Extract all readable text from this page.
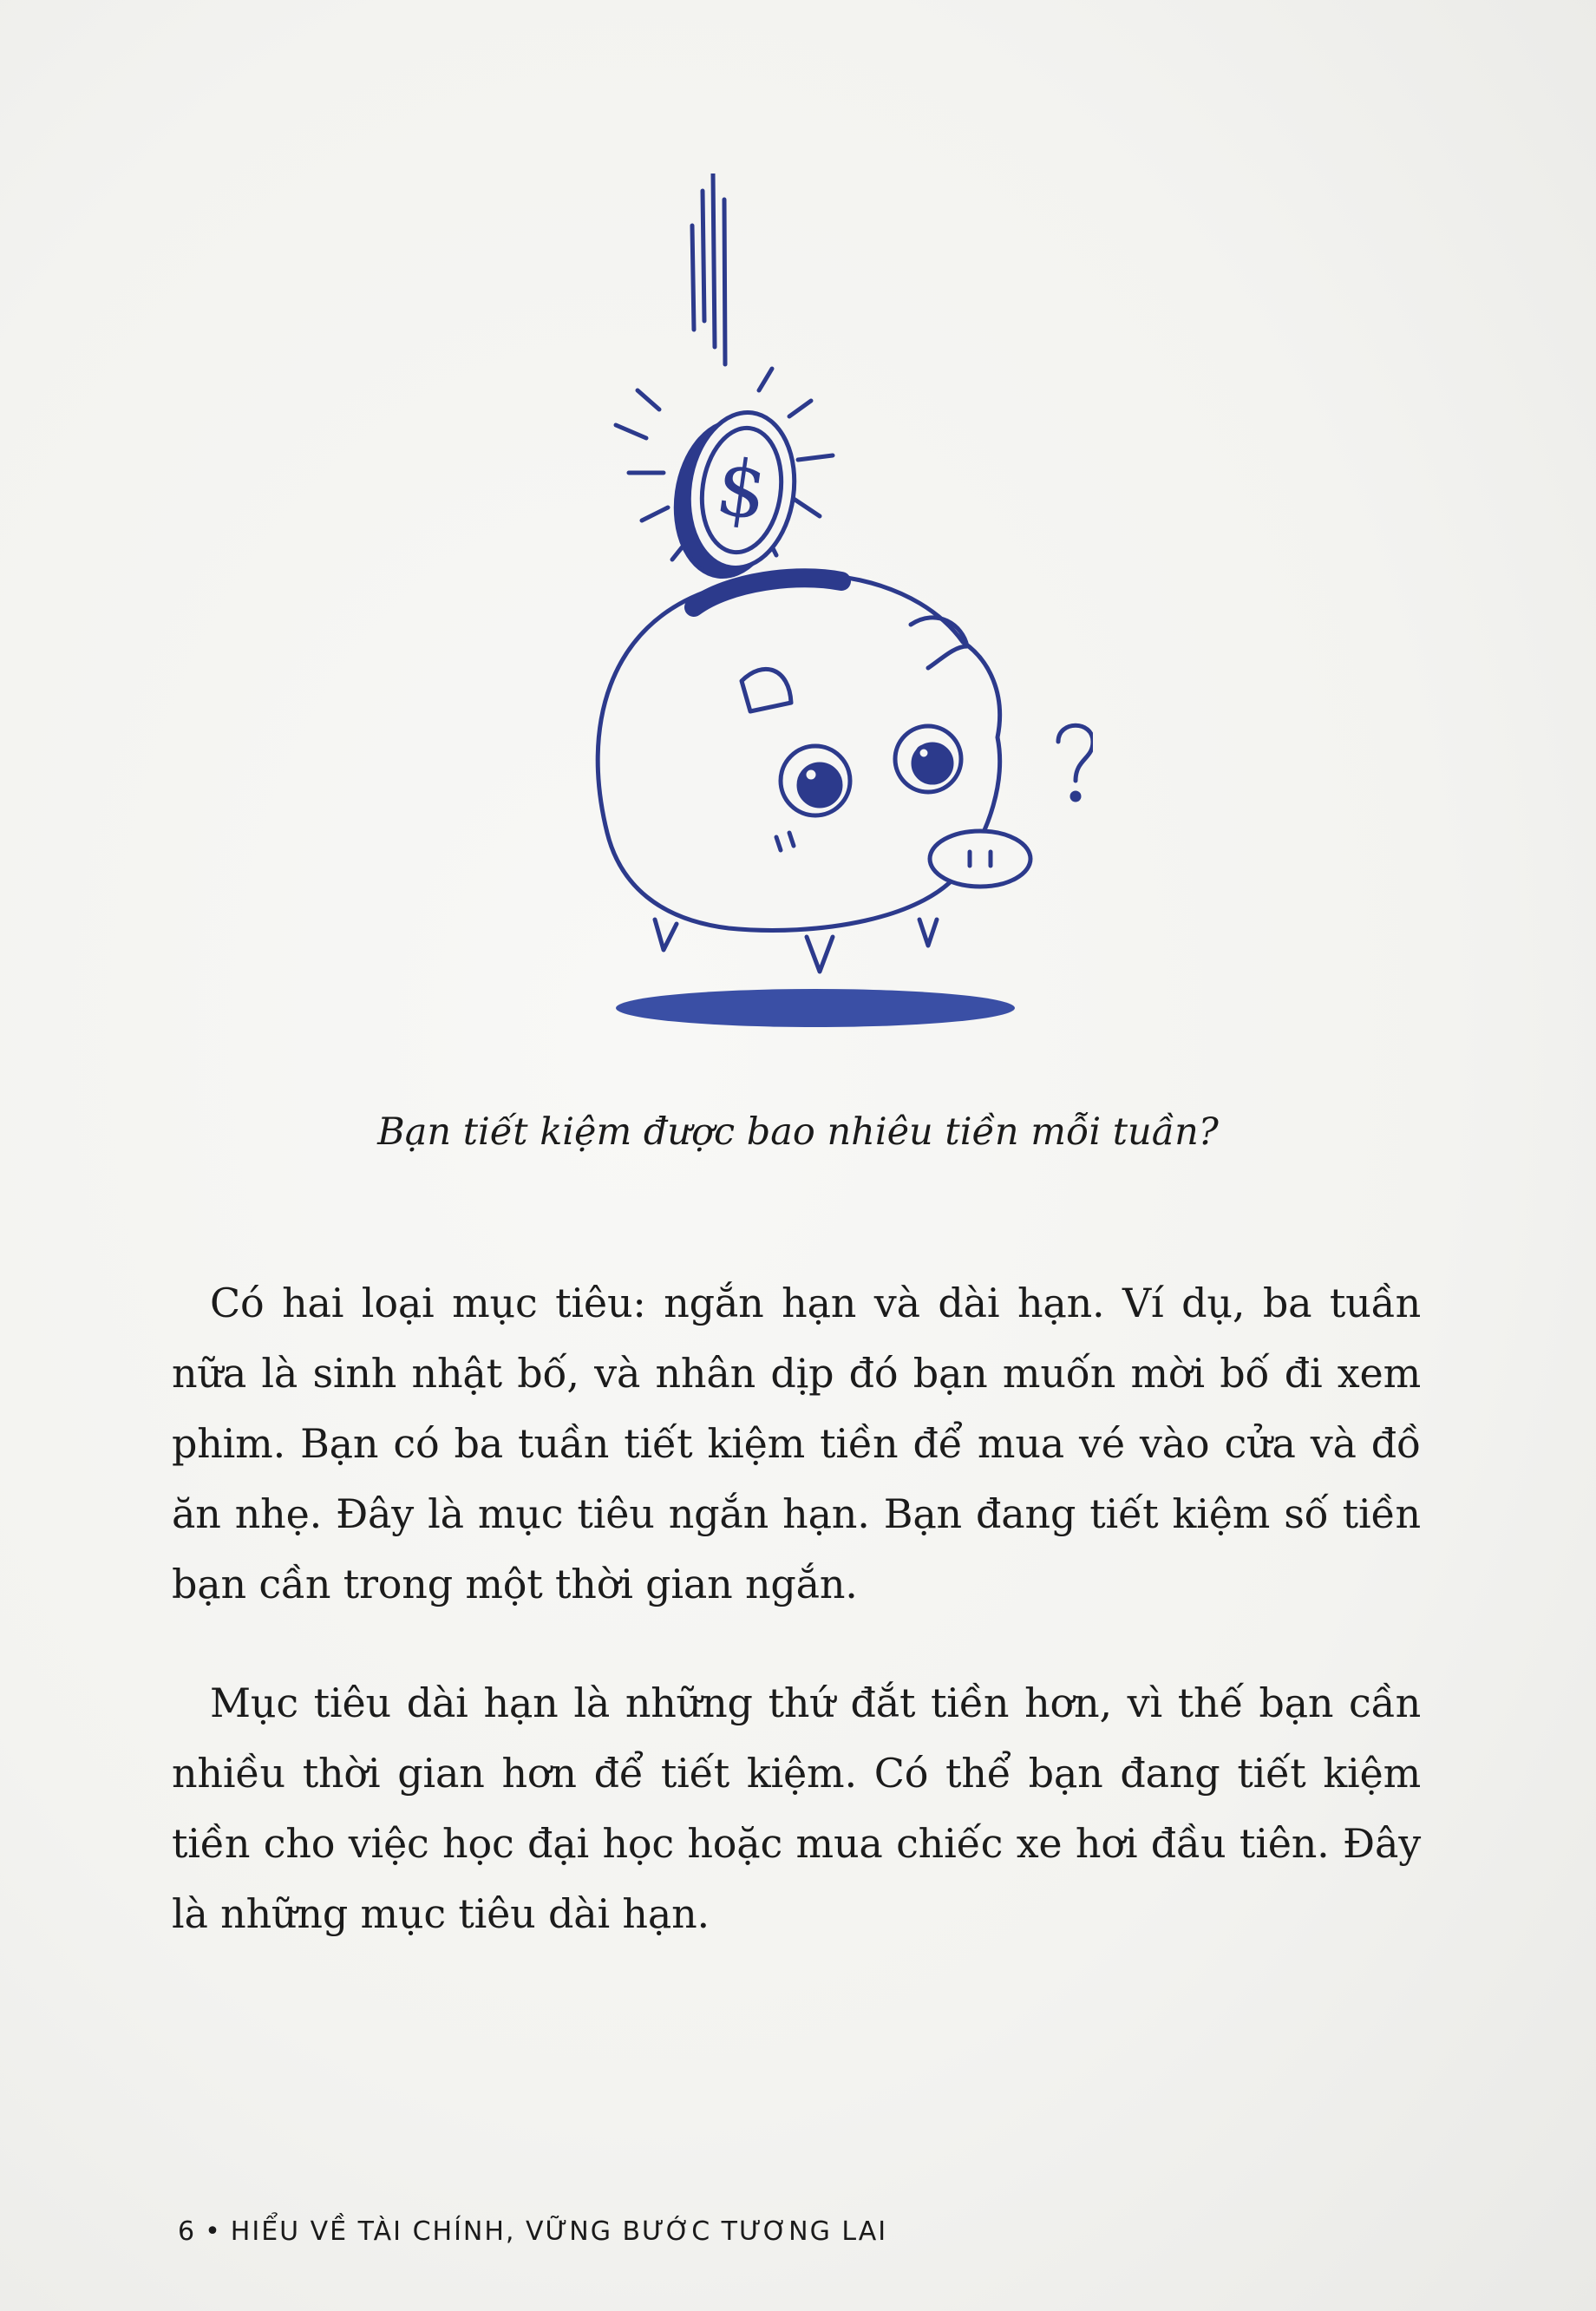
$
Bạn tiết kiệm được bao nhiêu tiền mỗi tuần?

Có hai loại mục tiêu: ngắn hạn và dài hạn. Ví dụ, ba tuần nữa là sinh nhật bố, và nhân dịp đó bạn muốn mời bố đi xem phim. Bạn có ba tuần tiết kiệm tiền để mua vé vào cửa và đồ ăn nhẹ. Đây là mục tiêu ngắn hạn. Bạn đang tiết kiệm số tiền bạn cần trong một thời gian ngắn.

Mục tiêu dài hạn là những thứ đắt tiền hơn, vì thế bạn cần nhiều thời gian hơn để tiết kiệm. Có thể bạn đang tiết kiệm tiền cho việc học đại học hoặc mua chiếc xe hơi đầu tiên. Đây là những mục tiêu dài hạn.

6 • HIỂU VỀ TÀI CHÍNH, VỮNG BƯỚC TƯƠNG LAI
